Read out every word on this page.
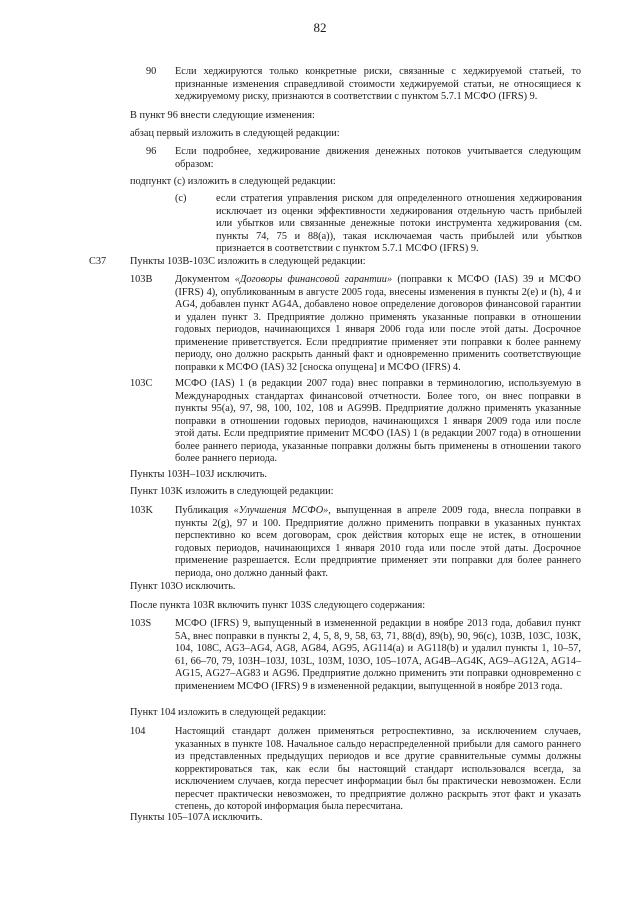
82
90 Если хеджируются только конкретные риски, связанные с хеджируемой статьей, то признанные изменения справедливой стоимости хеджируемой статьи, не относящиеся к хеджируемому риску, признаются в соответствии с пунктом 5.7.1 МСФО (IFRS) 9.
В пункт 96 внести следующие изменения:
абзац первый изложить в следующей редакции:
96 Если подробнее, хеджирование движения денежных потоков учитывается следующим образом:
подпункт (c) изложить в следующей редакции:
(c)	если стратегия управления риском для определенного отношения хеджирования исключает из оценки эффективности хеджирования отдельную часть прибылей или убытков или связанные денежные потоки инструмента хеджирования (см. пункты 74, 75 и 88(a)), такая исключаемая часть прибылей или убытков признается в соответствии с пунктом 5.7.1 МСФО (IFRS) 9.
C37 Пункты 103B-103C изложить в следующей редакции:
103B Документом «Договоры финансовой гарантии» (поправки к МСФО (IAS) 39 и МСФО (IFRS) 4), опубликованным в августе 2005 года, внесены изменения в пункты 2(e) и (h), 4 и AG4, добавлен пункт AG4A, добавлено новое определение договоров финансовой гарантии и удален пункт 3. Предприятие должно применять указанные поправки в отношении годовых периодов, начинающихся 1 января 2006 года или после этой даты. Досрочное применение приветствуется. Если предприятие применяет эти поправки к более раннему периоду, оно должно раскрыть данный факт и одновременно применить соответствующие поправки к МСФО (IAS) 32 [сноска опущена] и МСФО (IFRS) 4.
103C МСФО (IAS) 1 (в редакции 2007 года) внес поправки в терминологию, используемую в Международных стандартах финансовой отчетности. Более того, он внес поправки в пункты 95(a), 97, 98, 100, 102, 108 и AG99B. Предприятие должно применять указанные поправки в отношении годовых периодов, начинающихся 1 января 2009 года или после этой даты. Если предприятие применит МСФО (IAS) 1 (в редакции 2007 года) в отношении более раннего периода, указанные поправки должны быть применены в отношении такого более раннего периода.
Пункты 103H–103J исключить.
Пункт 103K изложить в следующей редакции:
103K Публикация «Улучшения МСФО», выпущенная в апреле 2009 года, внесла поправки в пункты 2(g), 97 и 100. Предприятие должно применить поправки в указанных пунктах перспективно ко всем договорам, срок действия которых еще не истек, в отношении годовых периодов, начинающихся 1 января 2010 года или после этой даты. Досрочное применение разрешается. Если предприятие применяет эти поправки для более раннего периода, оно должно данный факт.
Пункт 103O исключить.
После пункта 103R включить пункт 103S следующего содержания:
103S МСФО (IFRS) 9, выпущенный в измененной редакции в ноябре 2013 года, добавил пункт 5A, внес поправки в пункты 2, 4, 5, 8, 9, 58, 63, 71, 88(d), 89(b), 90, 96(c), 103B, 103C, 103K, 104, 108C, AG3–AG4, AG8, AG84, AG95, AG114(a) и AG118(b) и удалил пункты 1, 10–57, 61, 66–70, 79, 103H–103J, 103L, 103M, 103O, 105–107A, AG4B–AG4K, AG9–AG12A, AG14–AG15, AG27–AG83 и AG96. Предприятие должно применить эти поправки одновременно с применением МСФО (IFRS) 9 в измененной редакции, выпущенной в ноябре 2013 года.
Пункт 104 изложить в следующей редакции:
104	Настоящий стандарт должен применяться ретроспективно, за исключением случаев, указанных в пункте 108. Начальное сальдо нераспределенной прибыли для самого раннего из представленных предыдущих периодов и все другие сравнительные суммы должны корректироваться так, как если бы настоящий стандарт использовался всегда, за исключением случаев, когда пересчет информации был бы практически невозможен. Если пересчет практически невозможен, то предприятие должно раскрыть этот факт и указать степень, до которой информация была пересчитана.
Пункты 105–107A исключить.
